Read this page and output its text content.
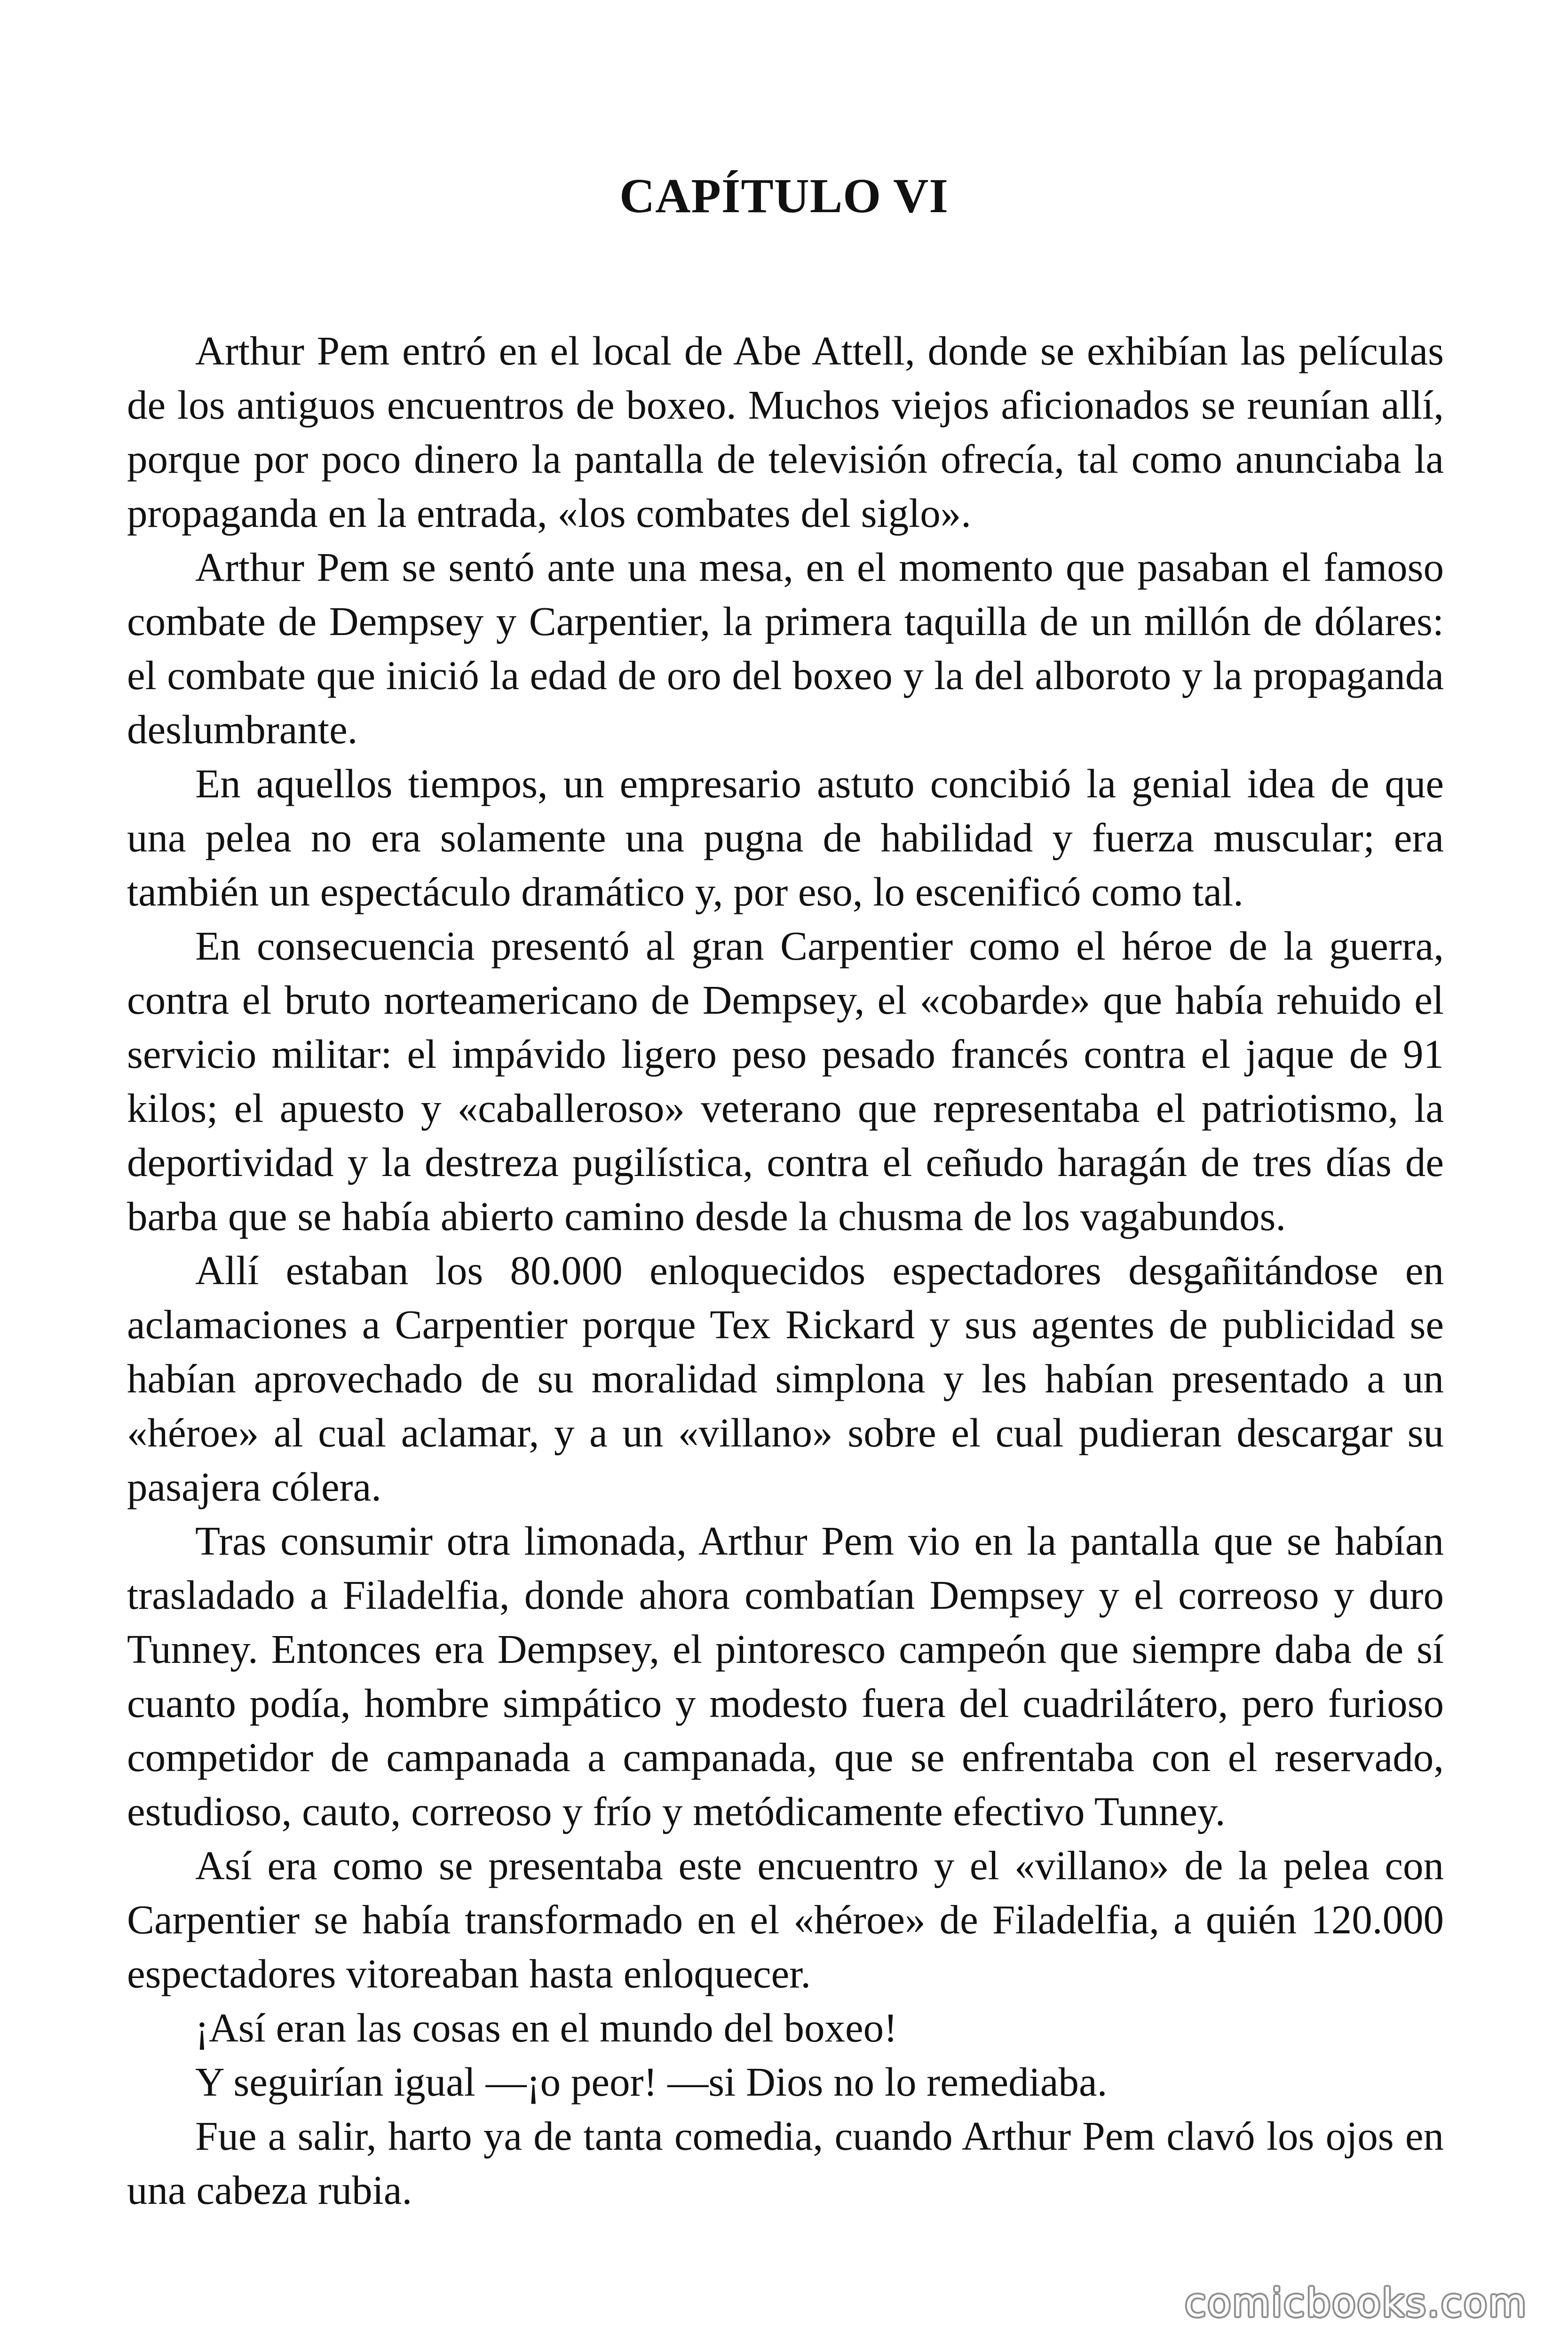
CAPÍTULO VI

Arthur Pem entró en el local de Abe Attell, donde se exhibían las películas de los antiguos encuentros de boxeo. Muchos viejos aficionados se reunían allí, porque por poco dinero la pantalla de televisión ofrecía, tal como anunciaba la propaganda en la entrada, «los combates del siglo».

Arthur Pem se sentó ante una mesa, en el momento que pasaban el famoso combate de Dempsey y Carpentier, la primera taquilla de un millón de dólares: el combate que inició la edad de oro del boxeo y la del alboroto y la propaganda deslumbrante.

En aquellos tiempos, un empresario astuto concibió la genial idea de que una pelea no era solamente una pugna de habilidad y fuerza muscular; era también un espectáculo dramático y, por eso, lo escenificó como tal.

En consecuencia presentó al gran Carpentier como el héroe de la guerra, contra el bruto norteamericano de Dempsey, el «cobarde» que había rehuido el servicio militar: el impávido ligero peso pesado francés contra el jaque de 91 kilos; el apuesto y «caballeroso» veterano que representaba el patriotismo, la deportividad y la destreza pugilística, contra el ceñudo haragán de tres días de barba que se había abierto camino desde la chusma de los vagabundos.

Allí estaban los 80.000 enloquecidos espectadores desgañitándose en aclamaciones a Carpentier porque Tex Rickard y sus agentes de publicidad se habían aprovechado de su moralidad simplona y les habían presentado a un «héroe» al cual aclamar, y a un «villano» sobre el cual pudieran descargar su pasajera cólera.

Tras consumir otra limonada, Arthur Pem vio en la pantalla que se habían trasladado a Filadelfia, donde ahora combatían Dempsey y el correoso y duro Tunney. Entonces era Dempsey, el pintoresco campeón que siempre daba de sí cuanto podía, hombre simpático y modesto fuera del cuadrilátero, pero furioso competidor de campanada a campanada, que se enfrentaba con el reservado, estudioso, cauto, correoso y frío y metódicamente efectivo Tunney.

Así era como se presentaba este encuentro y el «villano» de la pelea con Carpentier se había transformado en el «héroe» de Filadelfia, a quién 120.000 espectadores vitoreaban hasta enloquecer.

¡Así eran las cosas en el mundo del boxeo!

Y seguirían igual —¡o peor! —si Dios no lo remediaba.

Fue a salir, harto ya de tanta comedia, cuando Arthur Pem clavó los ojos en una cabeza rubia.

comicbooks.com
